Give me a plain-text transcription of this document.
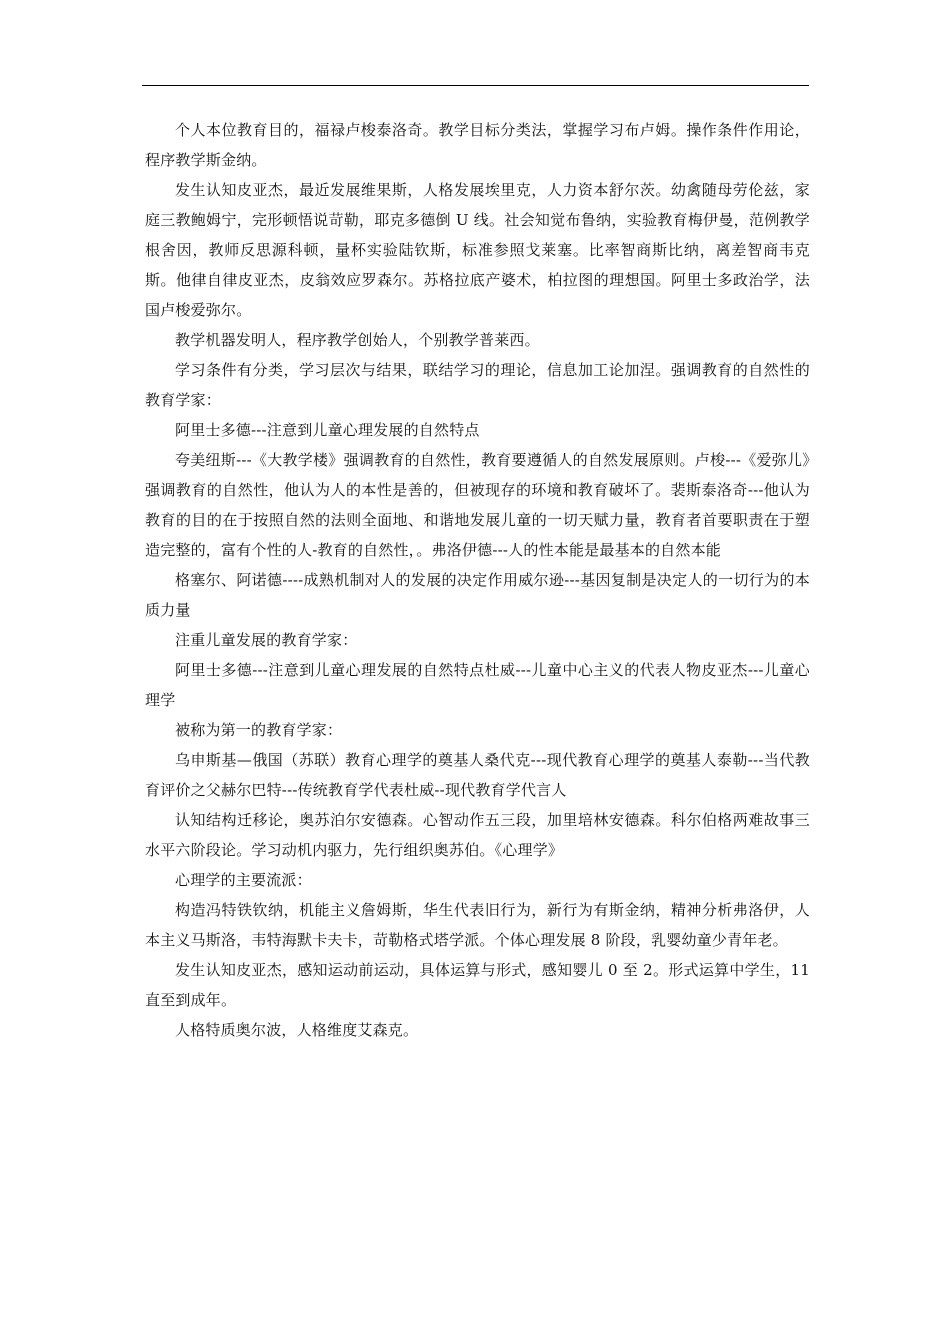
个人本位教育目的，福禄卢梭泰洛奇。教学目标分类法，掌握学习布卢姆。操作条件作用论，程序教学斯金纳。

发生认知皮亚杰，最近发展维果斯，人格发展埃里克，人力资本舒尔茨。幼禽随母劳伦兹，家庭三教鲍姆宁，完形顿悟说苛勒，耶克多德倒 U 线。社会知觉布鲁纳，实验教育梅伊曼，范例教学根舍因，教师反思源科顿，量杯实验陆钦斯，标准参照戈莱塞。比率智商斯比纳，离差智商韦克斯。他律自律皮亚杰，皮翁效应罗森尔。苏格拉底产婆术，柏拉图的理想国。阿里士多政治学，法国卢梭爱弥尔。

教学机器发明人，程序教学创始人，个别教学普莱西。

学习条件有分类，学习层次与结果，联结学习的理论，信息加工论加涅。强调教育的自然性的教育学家：

阿里士多德---注意到儿童心理发展的自然特点

夸美纽斯---《大教学楼》强调教育的自然性，教育要遵循人的自然发展原则。卢梭---《爱弥儿》强调教育的自然性，他认为人的本性是善的，但被现存的环境和教育破坏了。裴斯泰洛奇---他认为教育的目的在于按照自然的法则全面地、和谐地发展儿童的一切天赋力量，教育者首要职责在于塑造完整的，富有个性的人-教育的自然性，。弗洛伊德---人的性本能是最基本的自然本能

格塞尔、阿诺德----成熟机制对人的发展的决定作用威尔逊---基因复制是决定人的一切行为的本质力量

注重儿童发展的教育学家：

阿里士多德---注意到儿童心理发展的自然特点杜威---儿童中心主义的代表人物皮亚杰---儿童心理学

被称为第一的教育学家：

乌申斯基—俄国（苏联）教育心理学的奠基人桑代克---现代教育心理学的奠基人泰勒---当代教育评价之父赫尔巴特---传统教育学代表杜威--现代教育学代言人

认知结构迁移论，奥苏泊尔安德森。心智动作五三段，加里培林安德森。科尔伯格两难故事三水平六阶段论。学习动机内驱力，先行组织奥苏伯。《心理学》

心理学的主要流派：

构造冯特铁钦纳，机能主义詹姆斯，华生代表旧行为，新行为有斯金纳，精神分析弗洛伊，人本主义马斯洛，韦特海默卡夫卡，苛勒格式塔学派。个体心理发展 8 阶段，乳婴幼童少青年老。

发生认知皮亚杰，感知运动前运动，具体运算与形式，感知婴儿 0 至 2。形式运算中学生，11 直至到成年。

人格特质奥尔波，人格维度艾森克。
